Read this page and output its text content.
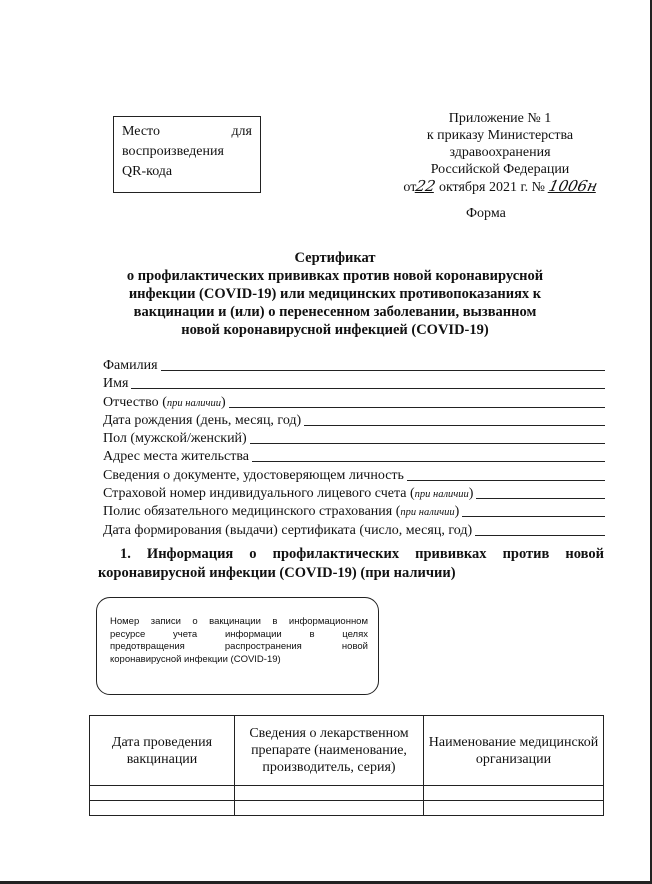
Место	для
воспроизведения
QR-кода
Приложение № 1
к приказу Министерства
здравоохранения
Российской Федерации
от22 октября 2021 г. № 1006н
Форма
Сертификат
о профилактических прививках против новой коронавирусной
инфекции (COVID-19) или медицинских противопоказаниях к
вакцинации и (или) о перенесенном заболевании, вызванном
новой коронавирусной инфекцией (COVID-19)
Фамилия
Имя
Отчество (при наличии)
Дата рождения (день, месяц, год)
Пол (мужской/женский)
Адрес места жительства
Сведения о документе, удостоверяющем личность
Страховой номер индивидуального лицевого счета (при наличии)
Полис обязательного медицинского страхования (при наличии)
Дата формирования (выдачи) сертификата (число, месяц, год)
1. Информация о профилактических прививках против новой
коронавирусной инфекции (COVID-19) (при наличии)
Номер записи о вакцинации в информационном
ресурсе учета информации в целях
предотвращения распространения новой
коронавирусной инфекции (COVID-19)
Дата проведения вакцинации	Сведения о лекарственном препарате (наименование, производитель, серия)	Наименование медицинской организации
